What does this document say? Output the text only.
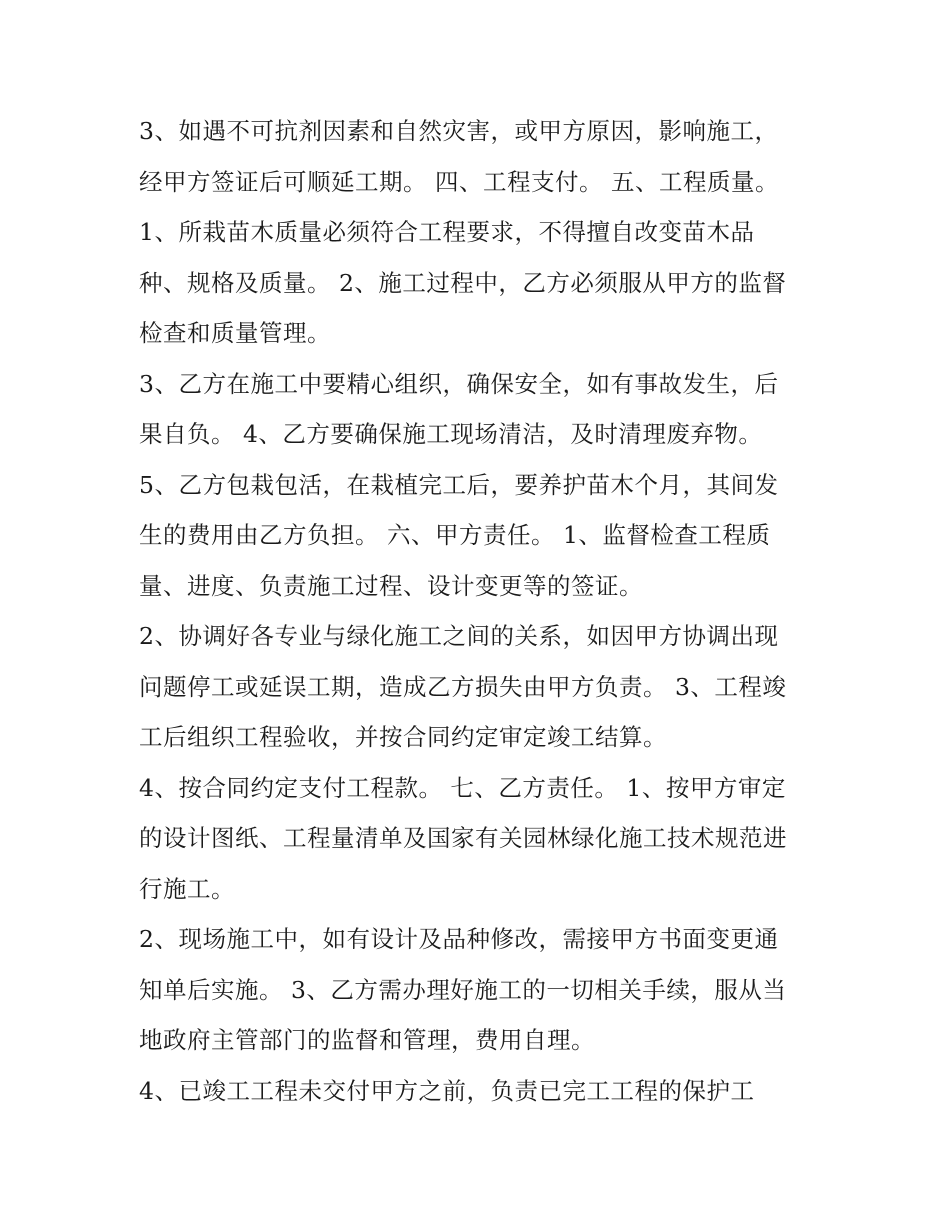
3、如遇不可抗剂因素和自然灾害，或甲方原因，影响施工，
经甲方签证后可顺延工期。 四、工程支付。 五、工程质量。
1、所栽苗木质量必须符合工程要求，不得擅自改变苗木品
种、规格及质量。 2、施工过程中，乙方必须服从甲方的监督
检查和质量管理。
3、乙方在施工中要精心组织，确保安全，如有事故发生，后
果自负。 4、乙方要确保施工现场清洁，及时清理废弃物。
5、乙方包栽包活，在栽植完工后，要养护苗木个月，其间发
生的费用由乙方负担。 六、甲方责任。 1、监督检查工程质
量、进度、负责施工过程、设计变更等的签证。
2、协调好各专业与绿化施工之间的关系，如因甲方协调出现
问题停工或延误工期，造成乙方损失由甲方负责。 3、工程竣
工后组织工程验收，并按合同约定审定竣工结算。
4、按合同约定支付工程款。 七、乙方责任。 1、按甲方审定
的设计图纸、工程量清单及国家有关园林绿化施工技术规范进
行施工。
2、现场施工中，如有设计及品种修改，需接甲方书面变更通
知单后实施。 3、乙方需办理好施工的一切相关手续，服从当
地政府主管部门的监督和管理，费用自理。
4、已竣工工程未交付甲方之前，负责已完工工程的保护工
